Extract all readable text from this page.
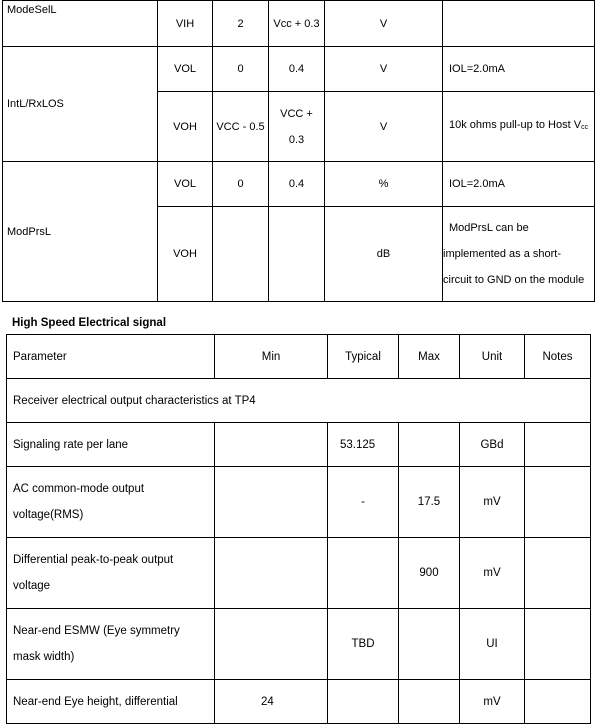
ModeSelL	VIH	2	Vcc + 0.3	V	
IntL/RxLOS	VOL	0	0.4	V	IOL=2.0mA
	VOH	VCC - 0.5	VCC +
0.3	V	10k ohms pull-up to Host Vcc
ModPrsL	VOL	0	0.4	%	IOL=2.0mA
	VOH			dB	ModPrsL can be
implemented as a short-
circuit to GND on the module
High Speed Electrical signal
Parameter	Min	Typical	Max	Unit	Notes
Receiver electrical output characteristics at TP4					
Signaling rate per lane		53.125		GBd	

AC common-mode output
voltage(RMS)		-	17.5	mV	

Differential peak-to-peak output
voltage			900	mV	

Near-end ESMW (Eye symmetry
mask width)		TBD		UI	
Near-end Eye height, differential	24			mV	
